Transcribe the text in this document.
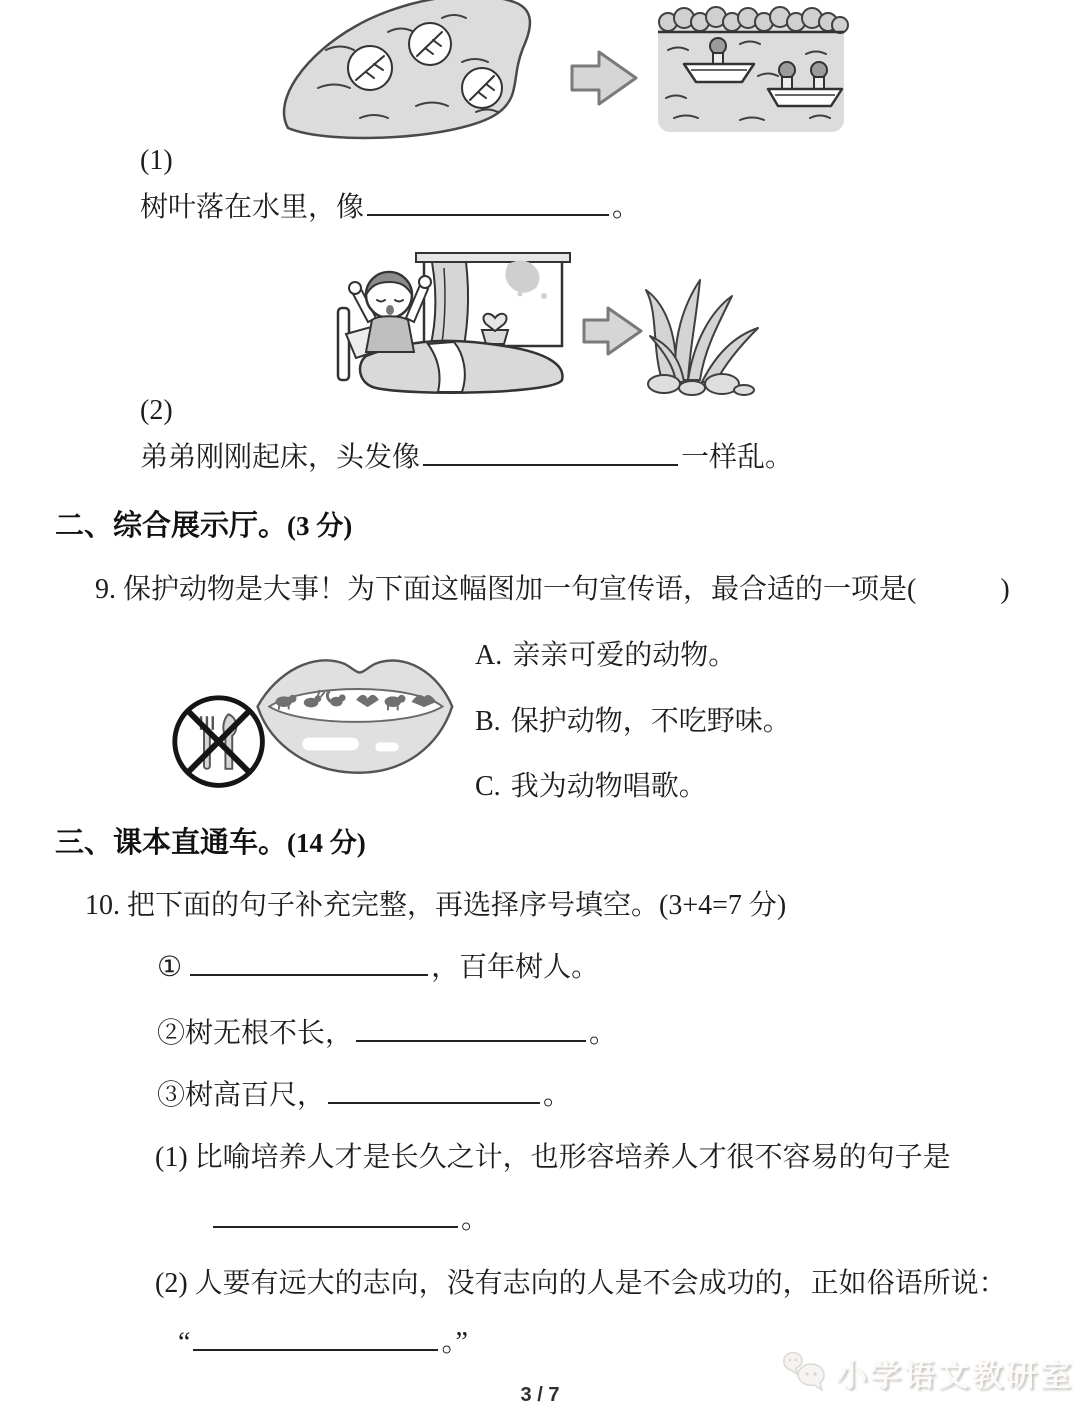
(1)
树叶落在水里，像	。
(2)
弟弟刚刚起床，头发像	一样乱。
二、综合展示厅。(3 分)
9. 保护动物是大事！为下面这幅图加一句宣传语，最合适的一项是(　　　)
A. 亲亲可爱的动物。
B. 保护动物，不吃野味。
C. 我为动物唱歌。
三、课本直通车。(14 分)
10. 把下面的句子补充完整，再选择序号填空。(3+4=7 分)
①	，百年树人。
②树无根不长，	。
③树高百尺，	。
(1) 比喻培养人才是长久之计，也形容培养人才很不容易的句子是
。
(2) 人要有远大的志向，没有志向的人是不会成功的，正如俗语所说：
“	。”
小学语文教研室
3 / 7
